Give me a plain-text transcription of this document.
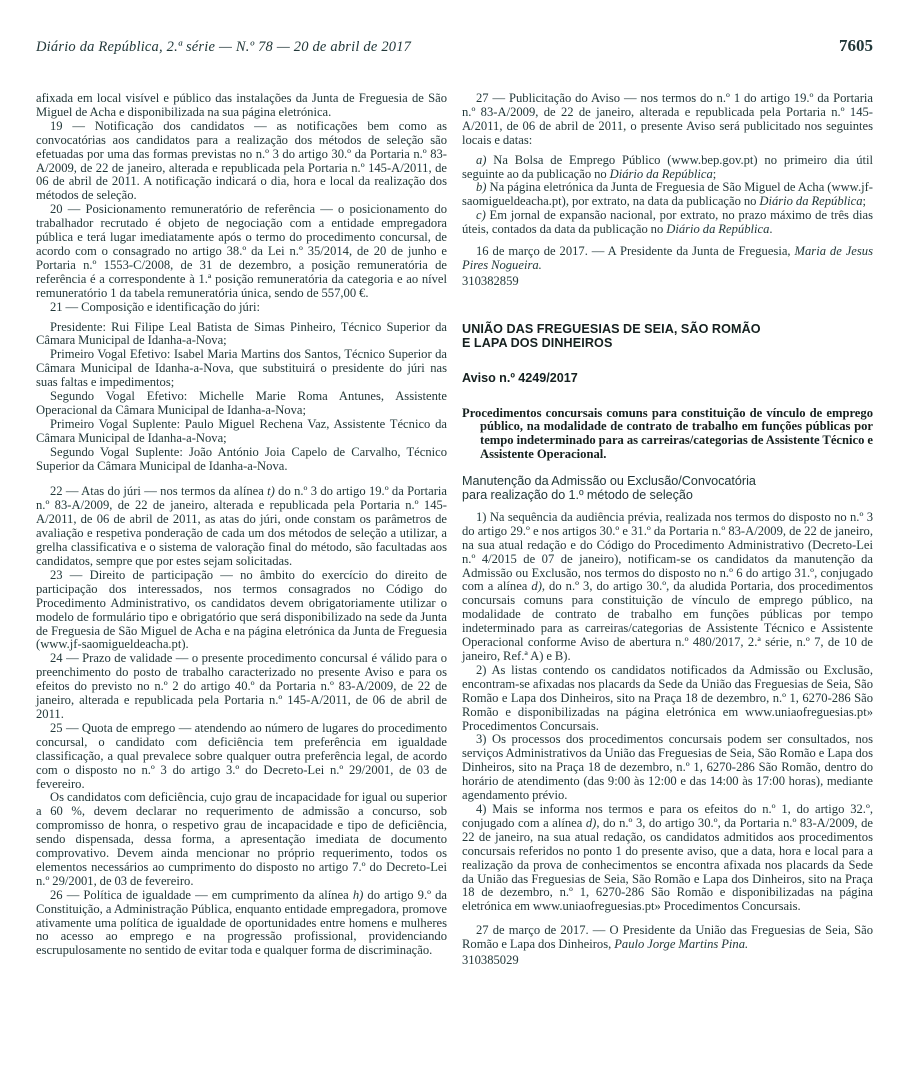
Diário da República, 2.ª série — N.º 78 — 20 de abril de 2017	7605

afixada em local visível e público das instalações da Junta de Freguesia de São Miguel de Acha e disponibilizada na sua página eletrónica.

19 — Notificação dos candidatos — as notificações bem como as convocatórias aos candidatos para a realização dos métodos de seleção são efetuadas por uma das formas previstas no n.º 3 do artigo 30.º da Portaria n.º 83-A/2009, de 22 de janeiro, alterada e republicada pela Portaria n.º 145-A/2011, de 06 de abril de 2011. A notificação indicará o dia, hora e local da realização dos métodos de seleção.

20 — Posicionamento remuneratório de referência — o posicionamento do trabalhador recrutado é objeto de negociação com a entidade empregadora pública e terá lugar imediatamente após o termo do procedimento concursal, de acordo com o consagrado no artigo 38.º da Lei n.º 35/2014, de 20 de junho e Portaria n.º 1553-C/2008, de 31 de dezembro, a posição remuneratória de referência é a correspondente à 1.ª posição remuneratória da categoria e ao nível remuneratório 1 da tabela remuneratória única, sendo de 557,00 €.

21 — Composição e identificação do júri:

Presidente: Rui Filipe Leal Batista de Simas Pinheiro, Técnico Superior da Câmara Municipal de Idanha-a-Nova;

Primeiro Vogal Efetivo: Isabel Maria Martins dos Santos, Técnico Superior da Câmara Municipal de Idanha-a-Nova, que substituirá o presidente do júri nas suas faltas e impedimentos;

Segundo Vogal Efetivo: Michelle Marie Roma Antunes, Assistente Operacional da Câmara Municipal de Idanha-a-Nova;

Primeiro Vogal Suplente: Paulo Miguel Rechena Vaz, Assistente Técnico da Câmara Municipal de Idanha-a-Nova;

Segundo Vogal Suplente: João António Joia Capelo de Carvalho, Técnico Superior da Câmara Municipal de Idanha-a-Nova.

22 — Atas do júri — nos termos da alínea t) do n.º 3 do artigo 19.º da Portaria n.º 83-A/2009, de 22 de janeiro, alterada e republicada pela Portaria n.º 145-A/2011, de 06 de abril de 2011, as atas do júri, onde constam os parâmetros de avaliação e respetiva ponderação de cada um dos métodos de seleção a utilizar, a grelha classificativa e o sistema de valoração final do método, são facultadas aos candidatos, sempre que por estes sejam solicitadas.

23 — Direito de participação — no âmbito do exercício do direito de participação dos interessados, nos termos consagrados no Código do Procedimento Administrativo, os candidatos devem obrigatoriamente utilizar o modelo de formulário tipo e obrigatório que será disponibilizado na sede da Junta de Freguesia de São Miguel de Acha e na página eletrónica da Junta de Freguesia (www.jf-saomigueldeacha.pt).

24 — Prazo de validade — o presente procedimento concursal é válido para o preenchimento do posto de trabalho caracterizado no presente Aviso e para os efeitos do previsto no n.º 2 do artigo 40.º da Portaria n.º 83-A/2009, de 22 de janeiro, alterada e republicada pela Portaria n.º 145-A/2011, de 06 de abril de 2011.

25 — Quota de emprego — atendendo ao número de lugares do procedimento concursal, o candidato com deficiência tem preferência em igualdade classificação, a qual prevalece sobre qualquer outra preferência legal, de acordo com o disposto no n.º 3 do artigo 3.º do Decreto-Lei n.º 29/2001, de 03 de fevereiro.

Os candidatos com deficiência, cujo grau de incapacidade for igual ou superior a 60 %, devem declarar no requerimento de admissão a concurso, sob compromisso de honra, o respetivo grau de incapacidade e tipo de deficiência, sendo dispensada, dessa forma, a apresentação imediata de documento comprovativo. Devem ainda mencionar no próprio requerimento, todos os elementos necessários ao cumprimento do disposto no artigo 7.º do Decreto-Lei n.º 29/2001, de 03 de fevereiro.

26 — Política de igualdade — em cumprimento da alínea h) do artigo 9.º da Constituição, a Administração Pública, enquanto entidade empregadora, promove ativamente uma política de igualdade de oportunidades entre homens e mulheres no acesso ao emprego e na progressão profissional, providenciando escrupulosamente no sentido de evitar toda e qualquer forma de discriminação.

27 — Publicitação do Aviso — nos termos do n.º 1 do artigo 19.º da Portaria n.º 83-A/2009, de 22 de janeiro, alterada e republicada pela Portaria n.º 145-A/2011, de 06 de abril de 2011, o presente Aviso será publicitado nos seguintes locais e datas:

a) Na Bolsa de Emprego Público (www.bep.gov.pt) no primeiro dia útil seguinte ao da publicação no Diário da República;

b) Na página eletrónica da Junta de Freguesia de São Miguel de Acha (www.jf-saomigueldeacha.pt), por extrato, na data da publicação no Diário da República;

c) Em jornal de expansão nacional, por extrato, no prazo máximo de três dias úteis, contados da data da publicação no Diário da República.

16 de março de 2017. — A Presidente da Junta de Freguesia, Maria de Jesus Pires Nogueira.

310382859

UNIÃO DAS FREGUESIAS DE SEIA, SÃO ROMÃO
E LAPA DOS DINHEIROS

Aviso n.º 4249/2017

Procedimentos concursais comuns para constituição de vínculo de emprego público, na modalidade de contrato de trabalho em funções públicas por tempo indeterminado para as carreiras/categorias de Assistente Técnico e Assistente Operacional.

Manutenção da Admissão ou Exclusão/Convocatória
para realização do 1.º método de seleção

1) Na sequência da audiência prévia, realizada nos termos do disposto no n.º 3 do artigo 29.º e nos artigos 30.º e 31.º da Portaria n.º 83-A/2009, de 22 de janeiro, na sua atual redação e do Código do Procedimento Administrativo (Decreto-Lei n.º 4/2015 de 07 de janeiro), notificam-se os candidatos da manutenção da Admissão ou Exclusão, nos termos do disposto no n.º 6 do artigo 31.º, conjugado com a alínea d), do n.º 3, do artigo 30.º, da aludida Portaria, dos procedimentos concursais comuns para constituição de vínculo de emprego público, na modalidade de contrato de trabalho em funções públicas por tempo indeterminado para as carreiras/categorias de Assistente Técnico e Assistente Operacional conforme Aviso de abertura n.º 480/2017, 2.ª série, n.º 7, de 10 de janeiro, Ref.ª A) e B).

2) As listas contendo os candidatos notificados da Admissão ou Exclusão, encontram-se afixadas nos placards da Sede da União das Freguesias de Seia, São Romão e Lapa dos Dinheiros, sito na Praça 18 de dezembro, n.º 1, 6270-286 São Romão e disponibilizadas na página eletrónica em www.uniaofreguesias.pt» Procedimentos Concursais.

3) Os processos dos procedimentos concursais podem ser consultados, nos serviços Administrativos da União das Freguesias de Seia, São Romão e Lapa dos Dinheiros, sito na Praça 18 de dezembro, n.º 1, 6270-286 São Romão, dentro do horário de atendimento (das 9:00 às 12:00 e das 14:00 às 17:00 horas), mediante agendamento prévio.

4) Mais se informa nos termos e para os efeitos do n.º 1, do artigo 32.º, conjugado com a alínea d), do n.º 3, do artigo 30.º, da Portaria n.º 83-A/2009, de 22 de janeiro, na sua atual redação, os candidatos admitidos aos procedimentos concursais referidos no ponto 1 do presente aviso, que a data, hora e local para a realização da prova de conhecimentos se encontra afixada nos placards da Sede da União das Freguesias de Seia, São Romão e Lapa dos Dinheiros, sito na Praça 18 de dezembro, n.º 1, 6270-286 São Romão e disponibilizadas na página eletrónica em www.uniaofreguesias.pt» Procedimentos Concursais.

27 de março de 2017. — O Presidente da União das Freguesias de Seia, São Romão e Lapa dos Dinheiros, Paulo Jorge Martins Pina.

310385029
